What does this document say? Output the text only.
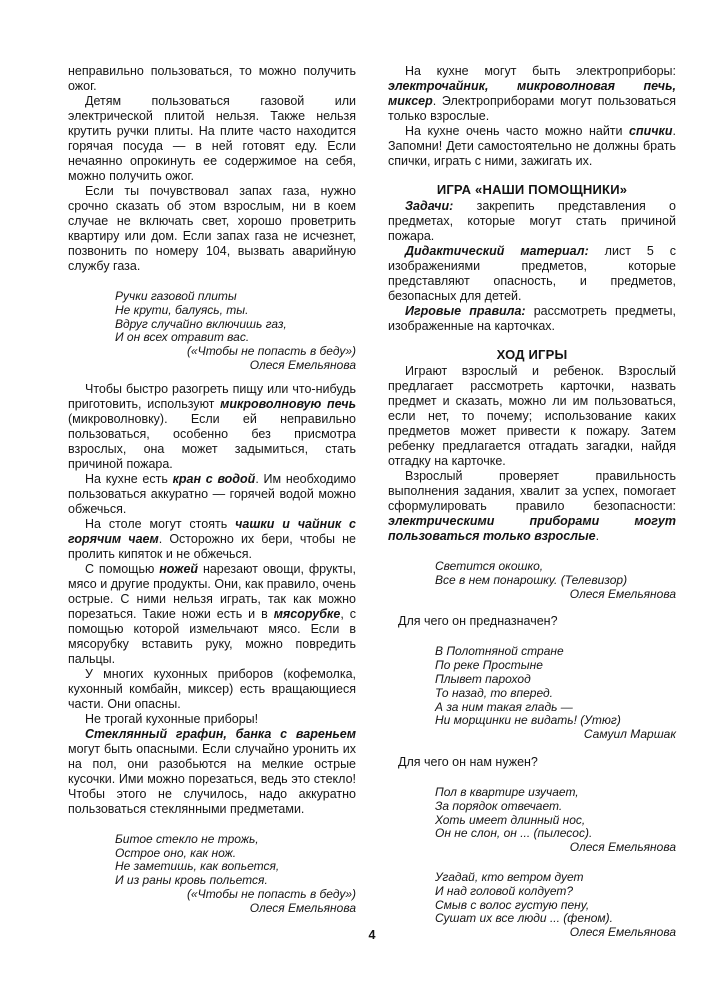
неправильно пользоваться, то можно получить ожог.

Детям пользоваться газовой или электрической плитой нельзя. Также нельзя крутить ручки плиты. На плите часто находится горячая посуда — в ней готовят еду. Если нечаянно опрокинуть ее содержимое на себя, можно получить ожог.

Если ты почувствовал запах газа, нужно срочно сказать об этом взрослым, ни в коем случае не включать свет, хорошо проветрить квартиру или дом. Если запах газа не исчезнет, позвонить по номеру 104, вызвать аварийную службу газа.

Ручки газовой плиты
Не крути, балуясь, ты.
Вдруг случайно включишь газ,
И он всех отравит вас.
(«Чтобы не попасть в беду»)
Олеся Емельянова

Чтобы быстро разогреть пищу или что-нибудь приготовить, используют микроволновую печь (микроволновку). Если ей неправильно пользоваться, особенно без присмотра взрослых, она может задымиться, стать причиной пожара.

На кухне есть кран с водой. Им необходимо пользоваться аккуратно — горячей водой можно обжечься.

На столе могут стоять чашки и чайник с горячим чаем. Осторожно их бери, чтобы не пролить кипяток и не обжечься.

С помощью ножей нарезают овощи, фрукты, мясо и другие продукты. Они, как правило, очень острые. С ними нельзя играть, так как можно порезаться. Такие ножи есть и в мясорубке, с помощью которой измельчают мясо. Если в мясорубку вставить руку, можно повредить пальцы.

У многих кухонных приборов (кофемолка, кухонный комбайн, миксер) есть вращающиеся части. Они опасны.

Не трогай кухонные приборы!

Стеклянный графин, банка с вареньем могут быть опасными. Если случайно уронить их на пол, они разобьются на мелкие острые кусочки. Ими можно порезаться, ведь это стекло! Чтобы этого не случилось, надо аккуратно пользоваться стеклянными предметами.

Битое стекло не трожь,
Острое оно, как нож.
Не заметишь, как вопьется,
И из раны кровь польется.
(«Чтобы не попасть в беду»)
Олеся Емельянова

На кухне могут быть электроприборы: электрочайник, микроволновая печь, миксер. Электроприборами могут пользоваться только взрослые.

На кухне очень часто можно найти спички. Запомни! Дети самостоятельно не должны брать спички, играть с ними, зажигать их.

ИГРА «НАШИ ПОМОЩНИКИ»

Задачи: закрепить представления о предметах, которые могут стать причиной пожара.

Дидактический материал: лист 5 с изображениями предметов, которые представляют опасность, и предметов, безопасных для детей.

Игровые правила: рассмотреть предметы, изображенные на карточках.

ХОД ИГРЫ

Играют взрослый и ребенок. Взрослый предлагает рассмотреть карточки, назвать предмет и сказать, можно ли им пользоваться, если нет, то почему; использование каких предметов может привести к пожару. Затем ребенку предлагается отгадать загадки, найдя отгадку на карточке.

Взрослый проверяет правильность выполнения задания, хвалит за успех, помогает сформулировать правило безопасности: электрическими приборами могут пользоваться только взрослые.

Светится окошко,
Все в нем понарошку. (Телевизор)
Олеся Емельянова

Для чего он предназначен?

В Полотняной стране
По реке Простыне
Плывет пароход
То назад, то вперед.
А за ним такая гладь —
Ни морщинки не видать! (Утюг)
Самуил Маршак

Для чего он нам нужен?

Пол в квартире изучает,
За порядок отвечает.
Хоть имеет длинный нос,
Он не слон, он ... (пылесос).
Олеся Емельянова
Угадай, кто ветром дует
И над головой колдует?
Смыв с волос густую пену,
Сушат их все люди ... (феном).
Олеся Емельянова
4
